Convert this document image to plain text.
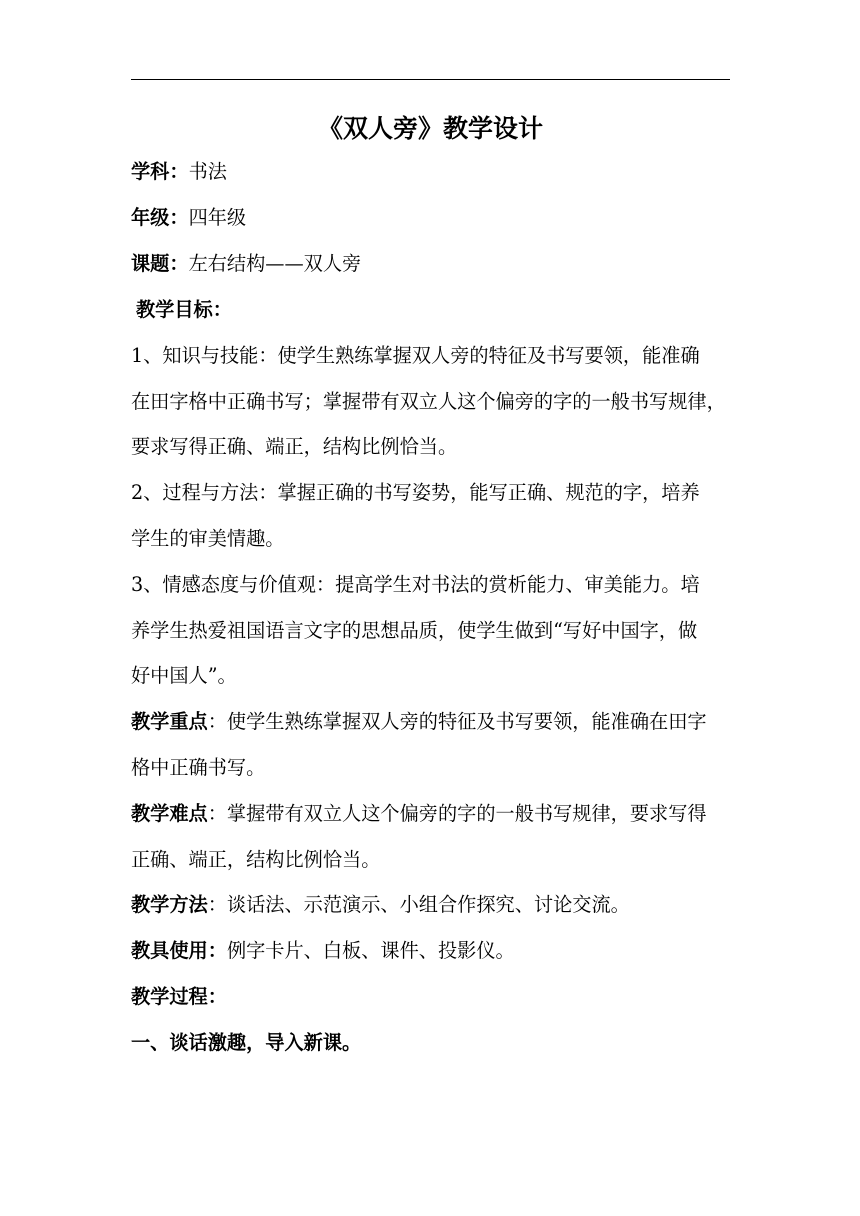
《双人旁》教学设计
学科：书法
年级：四年级
课题：左右结构——双人旁
教学目标：
1、知识与技能：使学生熟练掌握双人旁的特征及书写要领，能准确
在田字格中正确书写；掌握带有双立人这个偏旁的字的一般书写规律，
要求写得正确、端正，结构比例恰当。
2、过程与方法：掌握正确的书写姿势，能写正确、规范的字，培养
学生的审美情趣。
3、情感态度与价值观：提高学生对书法的赏析能力、审美能力。培
养学生热爱祖国语言文字的思想品质，使学生做到“写好中国字，做
好中国人”。
教学重点：使学生熟练掌握双人旁的特征及书写要领，能准确在田字
格中正确书写。
教学难点：掌握带有双立人这个偏旁的字的一般书写规律，要求写得
正确、端正，结构比例恰当。
教学方法：谈话法、示范演示、小组合作探究、讨论交流。
教具使用：例字卡片、白板、课件、投影仪。
教学过程：
一、谈话激趣，导入新课。
